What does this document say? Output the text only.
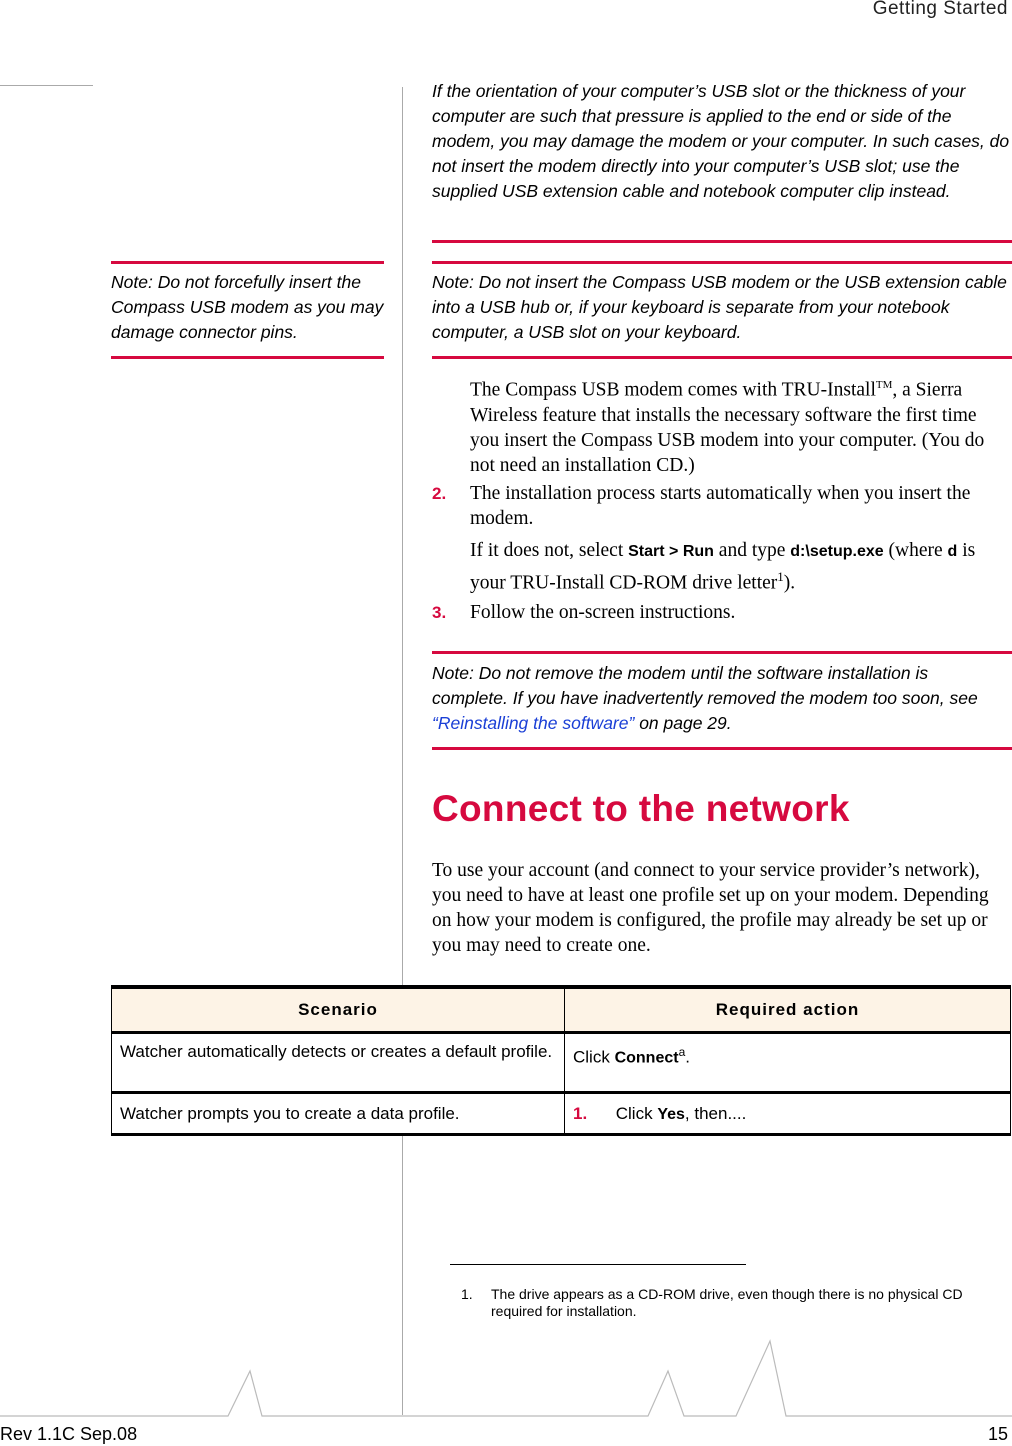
Getting Started
If the orientation of your computer’s USB slot or the thickness of your computer are such that pressure is applied to the end or side of the modem, you may damage the modem or your computer. In such cases, do not insert the modem directly into your computer’s USB slot; use the supplied USB extension cable and notebook computer clip instead.
Note: Do not forcefully insert the Compass USB modem as you may damage connector pins.
Note: Do not insert the Compass USB modem or the USB extension cable into a USB hub or, if your keyboard is separate from your notebook computer, a USB slot on your keyboard.
The Compass USB modem comes with TRU-Install™, a Sierra Wireless feature that installs the necessary software the first time you insert the Compass USB modem into your computer. (You do not need an installation CD.)
2. The installation process starts automatically when you insert the modem.
If it does not, select Start > Run and type d:\setup.exe (where d is your TRU-Install CD-ROM drive letter$^1$).
3. Follow the on-screen instructions.
Note: Do not remove the modem until the software installation is complete. If you have inadvertently removed the modem too soon, see “Reinstalling the software” on page 29.
Connect to the network
To use your account (and connect to your service provider’s network), you need to have at least one profile set up on your modem. Depending on how your modem is configured, the profile may already be set up or you may need to create one.
Scenario	Required action
Watcher automatically detects or creates a default profile.	Click Connect$^a$.
Watcher prompts you to create a data profile.	1. Click Yes, then....
1. The drive appears as a CD-ROM drive, even though there is no physical CD required for installation.
Rev 1.1C Sep.08	15
